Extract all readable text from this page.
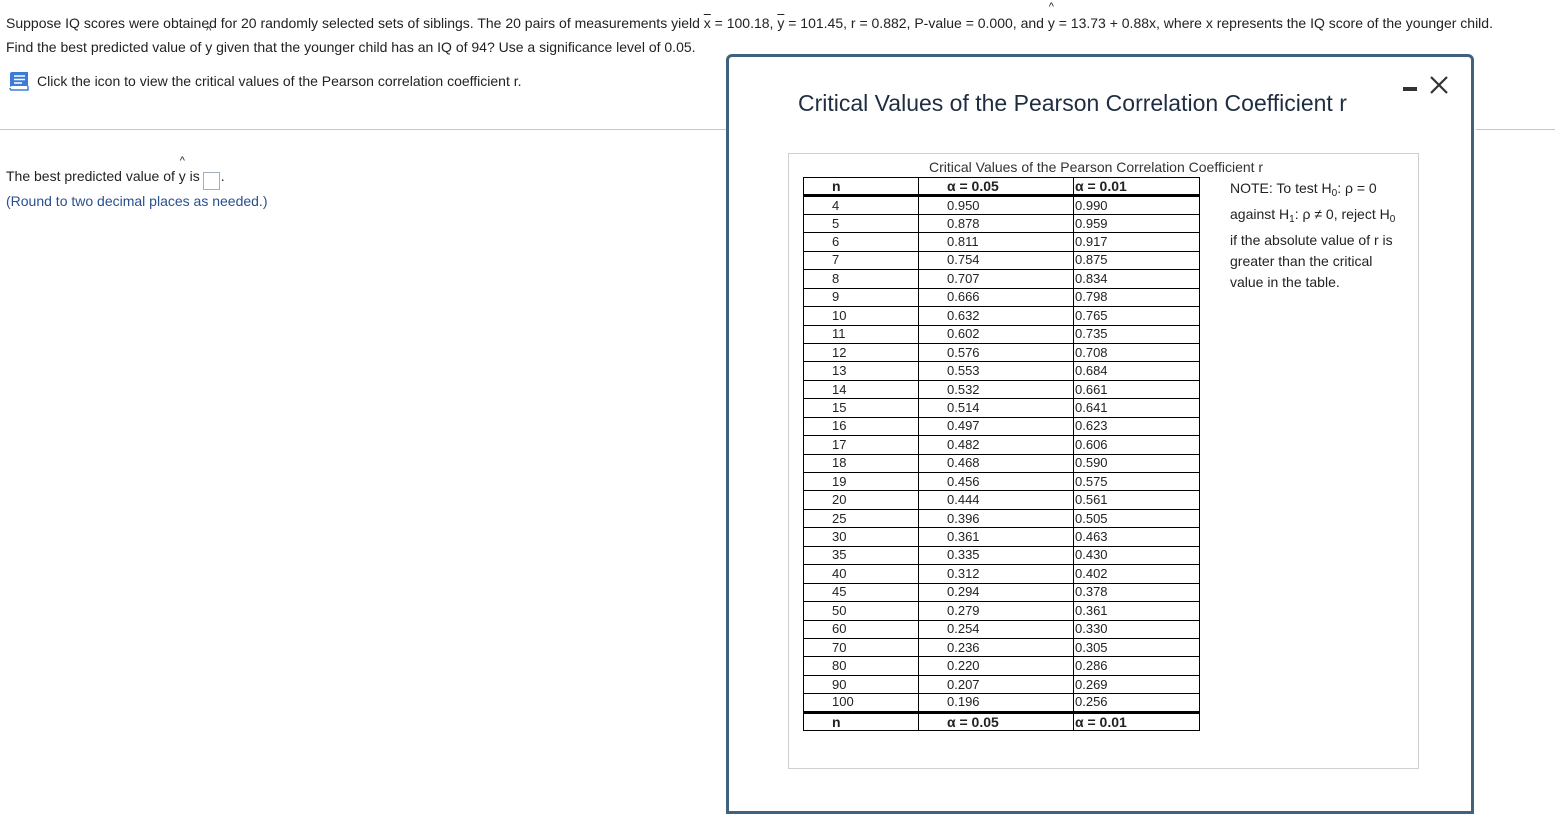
Suppose IQ scores were obtained for 20 randomly selected sets of siblings. The 20 pairs of measurements yield $\overline{x} = 100.18$, $\overline{y} = 101.45$, r = 0.882, P-value = 0.000, and ^ y = 13.73 + 0.88x, where x represents the IQ score of the younger child.
Find the best predicted value of ^ y given that the younger child has an IQ of 94? Use a significance level of 0.05.
Click the icon to view the critical values of the Pearson correlation coefficient r.
The best predicted value of ^ y is .
(Round to two decimal places as needed.)
Critical Values of the Pearson Correlation Coefficient r
Critical Values of the Pearson Correlation Coefficient r
n	α = 0.05	α = 0.01
4	0.950	0.990
5	0.878	0.959
6	0.811	0.917
7	0.754	0.875
8	0.707	0.834
9	0.666	0.798
10	0.632	0.765
11	0.602	0.735
12	0.576	0.708
13	0.553	0.684
14	0.532	0.661
15	0.514	0.641
16	0.497	0.623
17	0.482	0.606
18	0.468	0.590
19	0.456	0.575
20	0.444	0.561
25	0.396	0.505
30	0.361	0.463
35	0.335	0.430
40	0.312	0.402
45	0.294	0.378
50	0.279	0.361
60	0.254	0.330
70	0.236	0.305
80	0.220	0.286
90	0.207	0.269
100	0.196	0.256
n	α = 0.05	α = 0.01
NOTE: To test $H_0$: ρ = 0
against $H_1$: ρ ≠ 0, reject $H_0$
if the absolute value of r is
greater than the critical
value in the table.
